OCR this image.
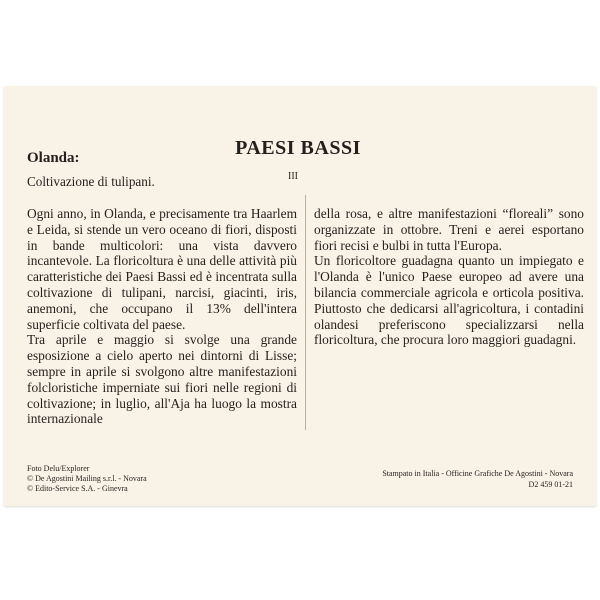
PAESI BASSI
III
Olanda:
Coltivazione di tulipani.

Ogni anno, in Olanda, e precisamente tra Haarlem e Leida, si stende un vero oceano di fiori, disposti in bande multicolori: una vista davvero incantevole. La floricoltura è una delle attività più caratteristiche dei Paesi Bassi ed è incentrata sulla coltivazione di tulipani, narcisi, giacinti, iris, anemoni, che occupano il 13% dell'intera superficie coltivata del paese.

Tra aprile e maggio si svolge una grande esposizione a cielo aperto nei dintorni di Lisse; sempre in aprile si svolgono altre manifestazioni folcloristiche imperniate sui fiori nelle regioni di coltivazione; in luglio, all'Aja ha luogo la mostra internazionale

della rosa, e altre manifestazioni “floreali” sono organizzate in ottobre. Treni e aerei esportano fiori recisi e bulbi in tutta l'Europa.

Un floricoltore guadagna quanto un impiegato e l'Olanda è l'unico Paese europeo ad avere una bilancia commerciale agricola e orticola positiva. Piuttosto che dedicarsi all'agricoltura, i contadini olandesi preferiscono specializzarsi nella floricoltura, che procura loro maggiori guadagni.

Foto Delu/Explorer
© De Agostini Mailing s.r.l. - Novara
© Edito-Service S.A. - Ginevra
Stampato in Italia - Officine Grafiche De Agostini - Novara
D2 459 01-21
